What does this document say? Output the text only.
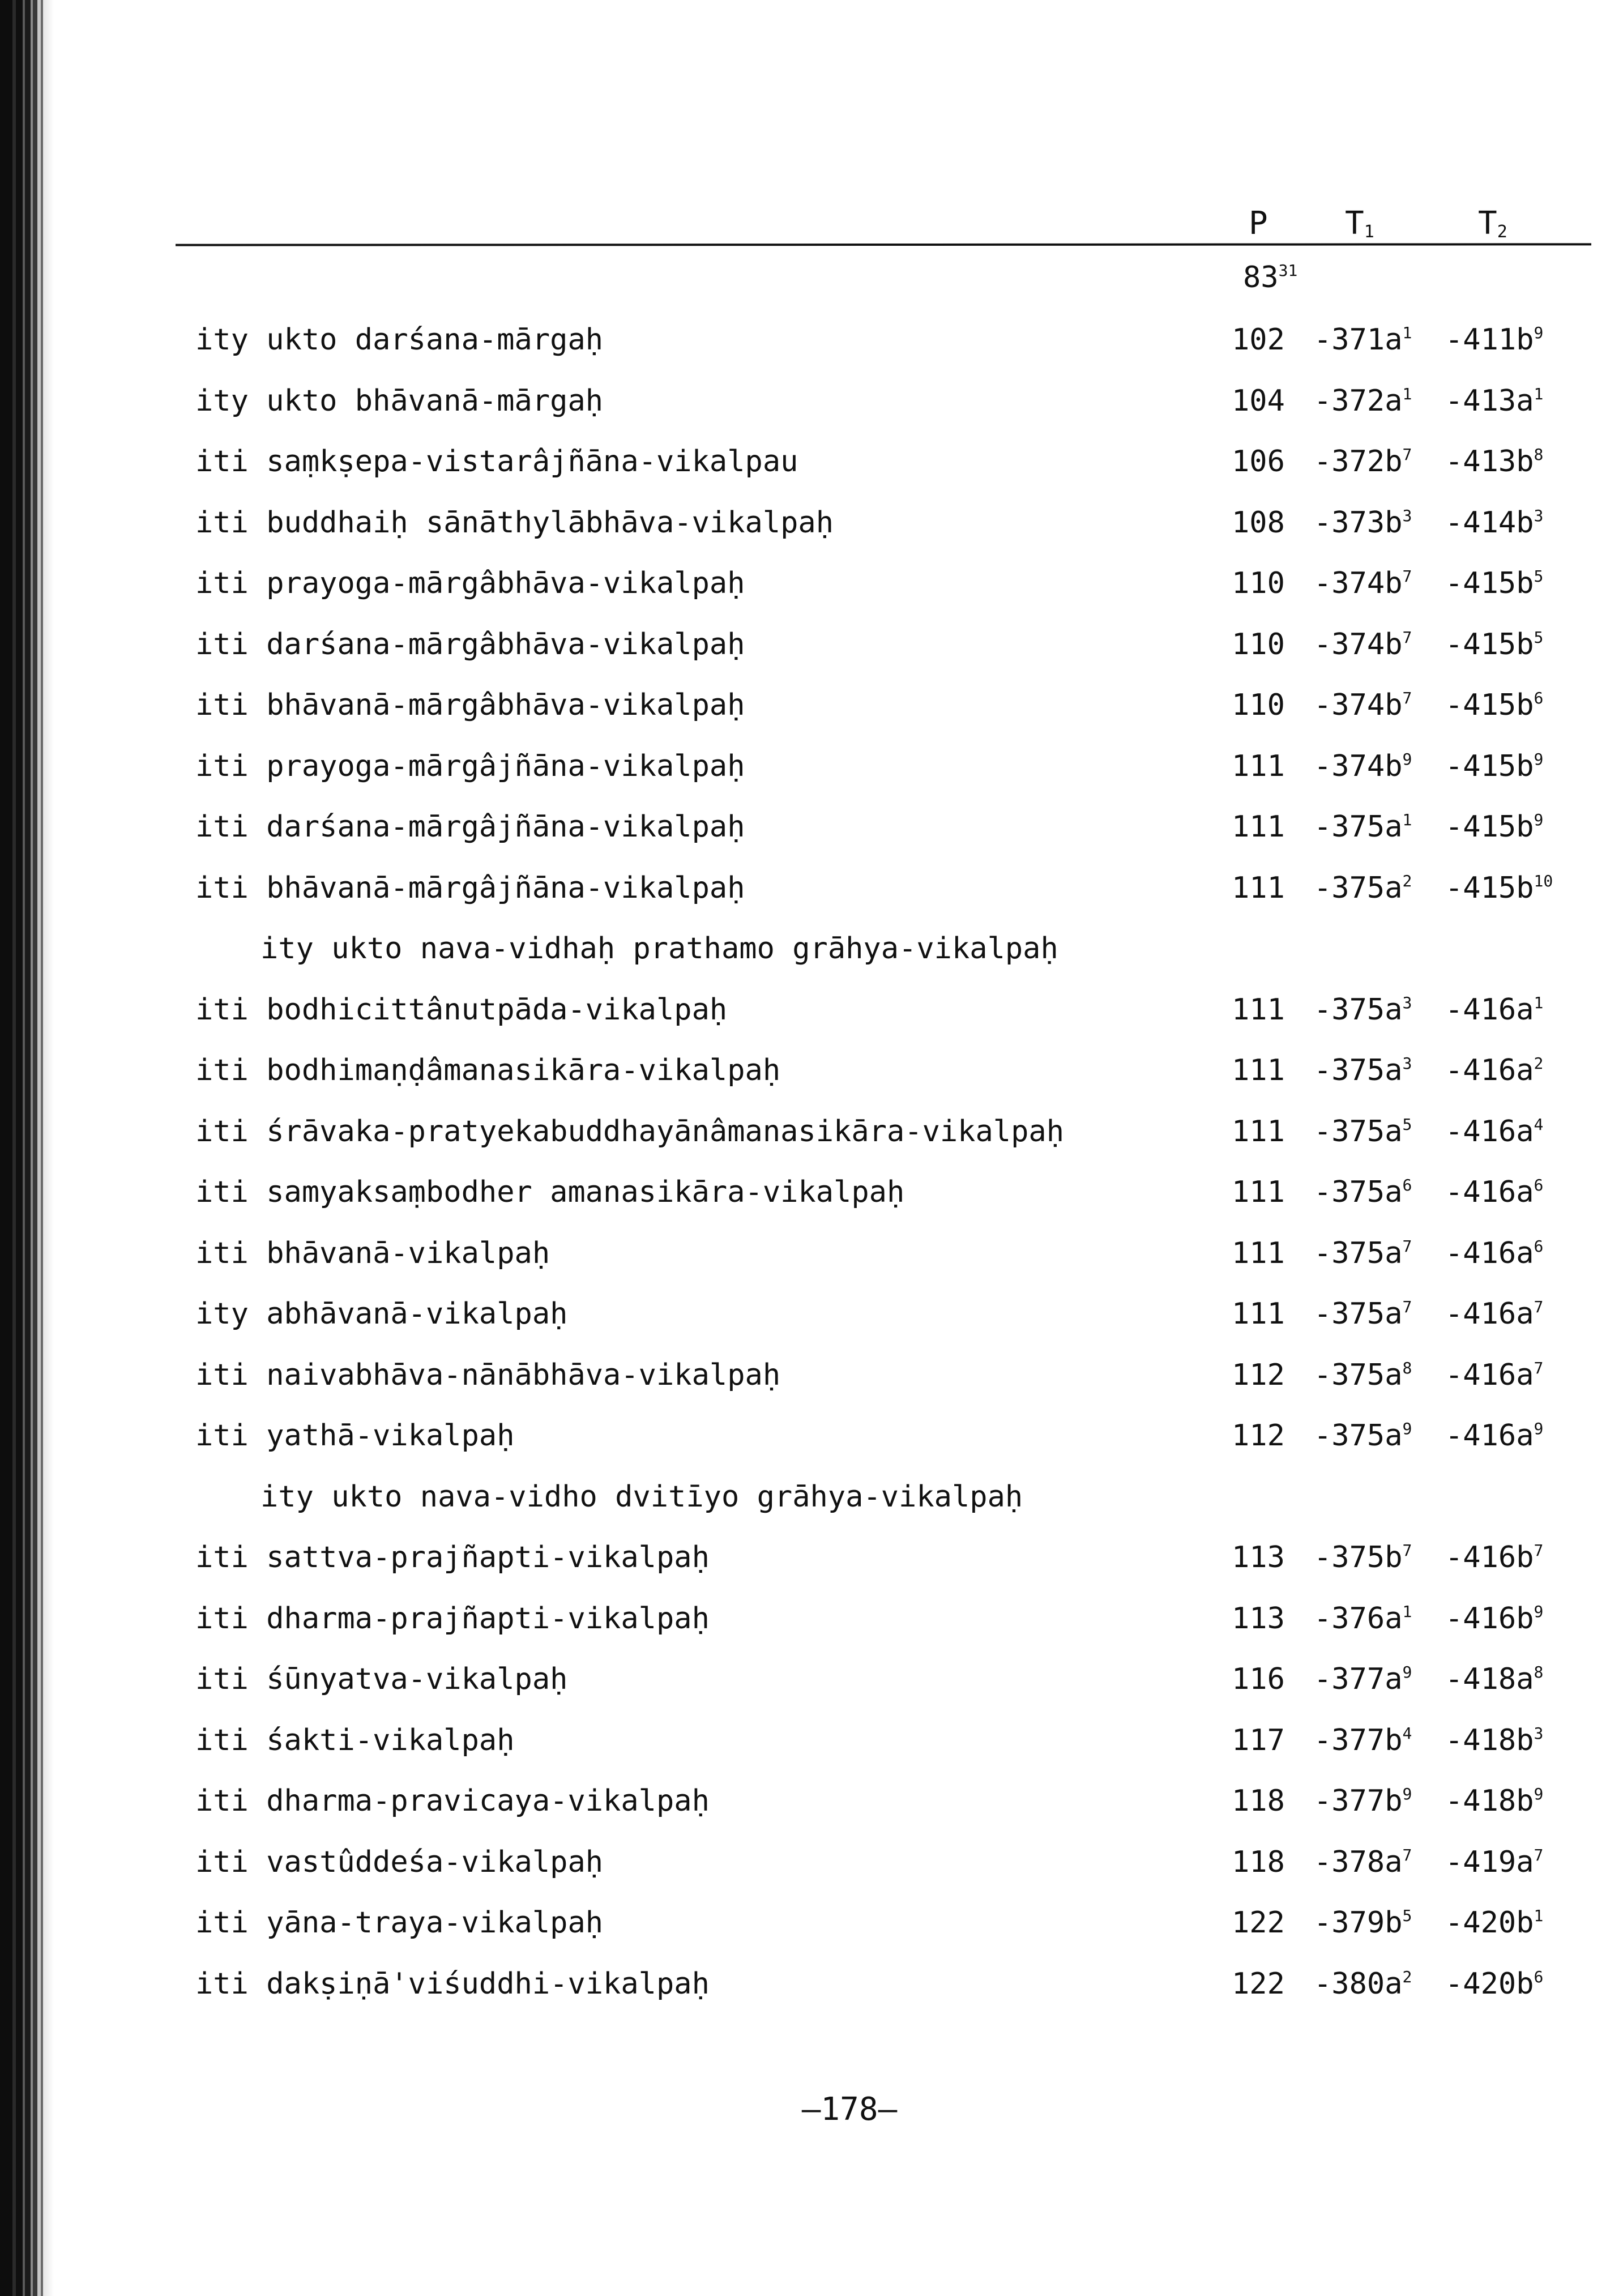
P $T_1$	$T_2$
$83^{31}$
ity ukto darśana-mārgaḥ	102 $-371a^1$ $-411b^9$
ity ukto bhāvanā-mārgaḥ	104 $-372a^1$ $-413a^1$
iti saṃkṣepa-vistarâjñāna-vikalpau	106 $-372b^7$ $-413b^8$
iti buddhaiḥ sānāthylābhāva-vikalpaḥ	108 $-373b^3$ $-414b^3$
iti prayoga-mārgâbhāva-vikalpaḥ	110 $-374b^7$ $-415b^5$
iti darśana-mārgâbhāva-vikalpaḥ	110 $-374b^7$ $-415b^5$
iti bhāvanā-mārgâbhāva-vikalpaḥ	110 $-374b^7$ $-415b^6$
iti prayoga-mārgâjñāna-vikalpaḥ	111 $-374b^9$ $-415b^9$
iti darśana-mārgâjñāna-vikalpaḥ	111 $-375a^1$ $-415b^9$
iti bhāvanā-mārgâjñāna-vikalpaḥ	111 $-375a^2$ $-415b^{10}$
ity ukto nava-vidhaḥ prathamo grāhya-vikalpaḥ
iti bodhicittânutpāda-vikalpaḥ	111 $-375a^3$ $-416a^1$
iti bodhimaṇḍâmanasikāra-vikalpaḥ	111 $-375a^3$ $-416a^2$
iti śrāvaka-pratyekabuddhayānâmanasikāra-vikalpaḥ	111 $-375a^5$ $-416a^4$
iti samyaksaṃbodher amanasikāra-vikalpaḥ	111 $-375a^6$ $-416a^6$
iti bhāvanā-vikalpaḥ	111 $-375a^7$ $-416a^6$
ity abhāvanā-vikalpaḥ	111 $-375a^7$ $-416a^7$
iti naivabhāva-nānābhāva-vikalpaḥ	112 $-375a^8$ $-416a^7$
iti yathā-vikalpaḥ	112 $-375a^9$ $-416a^9$
ity ukto nava-vidho dvitīyo grāhya-vikalpaḥ
iti sattva-prajñapti-vikalpaḥ	113 $-375b^7$ $-416b^7$
iti dharma-prajñapti-vikalpaḥ	113 $-376a^1$ $-416b^9$
iti śūnyatva-vikalpaḥ	116 $-377a^9$ $-418a^8$
iti śakti-vikalpaḥ	117 $-377b^4$ $-418b^3$
iti dharma-pravicaya-vikalpaḥ	118 $-377b^9$ $-418b^9$
iti vastûddeśa-vikalpaḥ	118 $-378a^7$ $-419a^7$
iti yāna-traya-vikalpaḥ	122 $-379b^5$ $-420b^1$
iti dakṣiṇā'viśuddhi-vikalpaḥ	122 $-380a^2$ $-420b^6$
—178—
